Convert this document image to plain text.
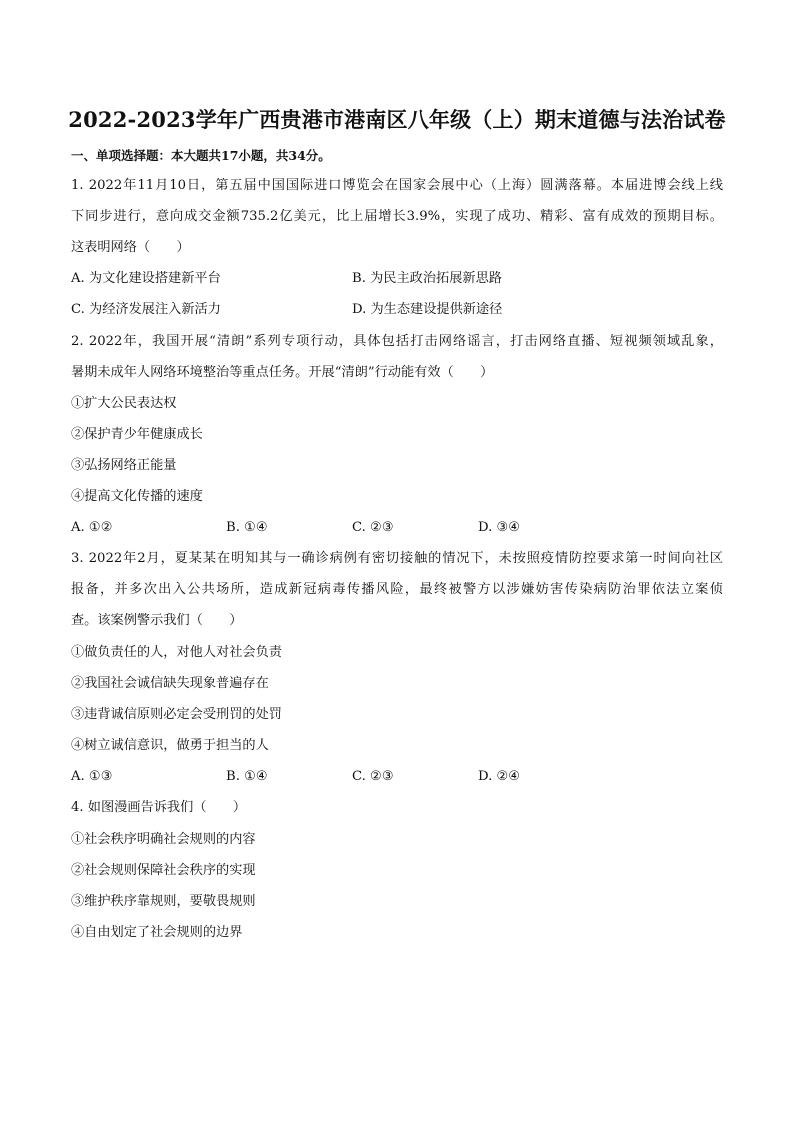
2022-2023学年广西贵港市港南区八年级（上）期末道德与法治试卷
一、单项选择题：本大题共17小题，共34分。
1. 2022年11月10日，第五届中国国际进口博览会在国家会展中心（上海）圆满落幕。本届进博会线上线
下同步进行，意向成交金额735.2亿美元，比上届增长3.9%，实现了成功、精彩、富有成效的预期目标。
这表明网络（　　）
A. 为文化建设搭建新平台	B. 为民主政治拓展新思路
C. 为经济发展注入新活力	D. 为生态建设提供新途径
2. 2022年，我国开展“清朗”系列专项行动，具体包括打击网络谣言，打击网络直播、短视频领域乱象，
暑期未成年人网络环境整治等重点任务。开展“清朗”行动能有效（　　）
①扩大公民表达权
②保护青少年健康成长
③弘扬网络正能量
④提高文化传播的速度
A. ①②	B. ①④	C. ②③	D. ③④
3. 2022年2月，夏某某在明知其与一确诊病例有密切接触的情况下，未按照疫情防控要求第一时间向社区
报备，并多次出入公共场所，造成新冠病毒传播风险，最终被警方以涉嫌妨害传染病防治罪依法立案侦
查。该案例警示我们（　　）
①做负责任的人，对他人对社会负责
②我国社会诚信缺失现象普遍存在
③违背诚信原则必定会受刑罚的处罚
④树立诚信意识，做勇于担当的人
A. ①③	B. ①④	C. ②③	D. ②④
4. 如图漫画告诉我们（　　）
①社会秩序明确社会规则的内容
②社会规则保障社会秩序的实现
③维护秩序靠规则，要敬畏规则
④自由划定了社会规则的边界
